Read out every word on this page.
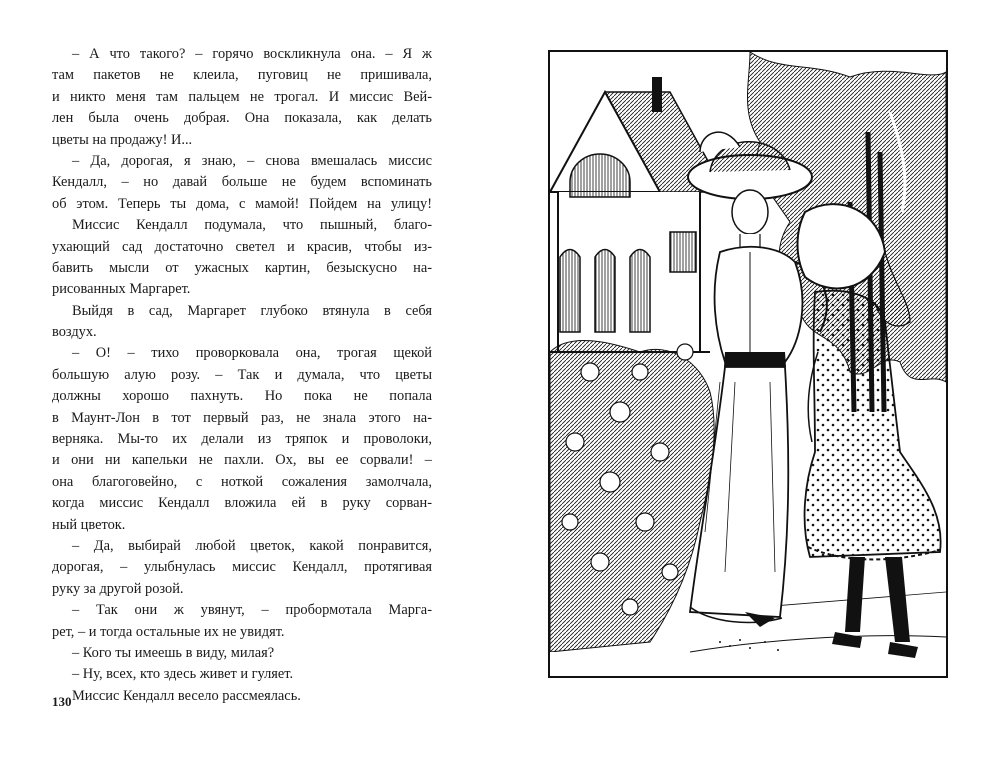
– А что такого? – горячо воскликнула она. – Я ж
там пакетов не клеила, пуговиц не пришивала,
и никто меня там пальцем не трогал. И миссис Вей-
лен была очень добрая. Она показала, как делать
цветы на продажу! И...
– Да, дорогая, я знаю, – снова вмешалась миссис
Кендалл, – но давай больше не будем вспоминать
об этом. Теперь ты дома, с мамой! Пойдем на улицу!
Миссис Кендалл подумала, что пышный, благо-
ухающий сад достаточно светел и красив, чтобы из-
бавить мысли от ужасных картин, безыскусно на-
рисованных Маргарет.
Выйдя в сад, Маргарет глубоко втянула в себя
воздух.
– О! – тихо проворковала она, трогая щекой
большую алую розу. – Так и думала, что цветы
должны хорошо пахнуть. Но пока не попала
в Маунт-Лон в тот первый раз, не знала этого на-
верняка. Мы-то их делали из тряпок и проволоки,
и они ни капельки не пахли. Ох, вы ее сорвали! –
она благоговейно, с ноткой сожаления замолчала,
когда миссис Кендалл вложила ей в руку сорван-
ный цветок.
– Да, выбирай любой цветок, какой понравится,
дорогая, – улыбнулась миссис Кендалл, протягивая
руку за другой розой.
– Так они ж увянут, – пробормотала Марга-
рет, – и тогда остальные их не увидят.
– Кого ты имеешь в виду, милая?
– Ну, всех, кто здесь живет и гуляет.
Миссис Кендалл весело рассмеялась.
130
